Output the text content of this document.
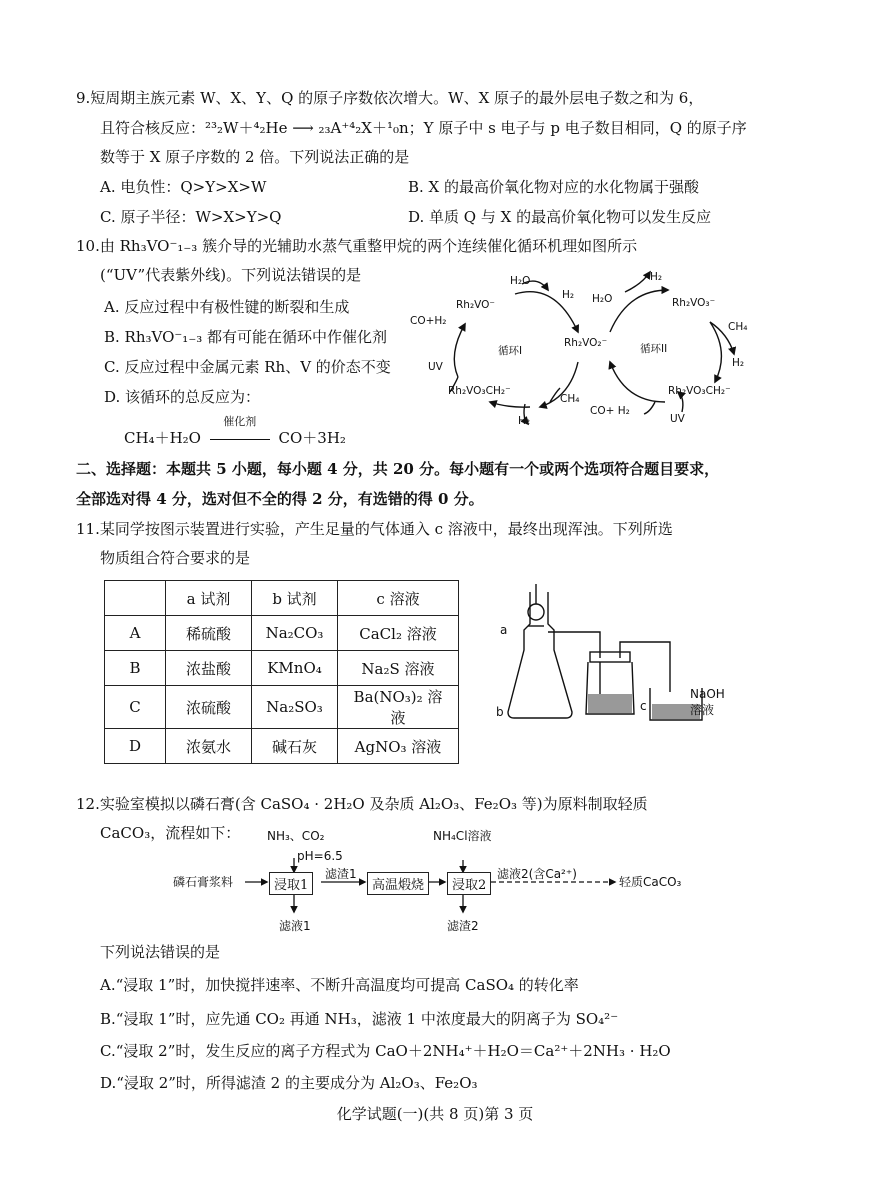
9.短周期主族元素 W、X、Y、Q 的原子序数依次增大。W、X 原子的最外层电子数之和为 6，
且符合核反应：²³₂W＋⁴₂He ⟶ ₂₃A⁺⁴₂X＋¹₀n；Y 原子中 s 电子与 p 电子数目相同，Q 的原子序
数等于 X 原子序数的 2 倍。下列说法正确的是
A. 电负性：Q>Y>X>W	B. X 的最高价氧化物对应的水化物属于强酸
C. 原子半径：W>X>Y>Q	D. 单质 Q 与 X 的最高价氧化物可以发生反应
10.由 Rh₃VO⁻₁₋₃ 簇介导的光辅助水蒸气重整甲烷的两个连续催化循环机理如图所示
(“UV”代表紫外线)。下列说法错误的是
A. 反应过程中有极性键的断裂和生成
B. Rh₃VO⁻₁₋₃ 都有可能在循环中作催化剂
C. 反应过程中金属元素 Rh、V 的价态不变
D. 该循环的总反应为：
CH₄＋H₂O
催化剂
CO＋3H₂
H₂O
H₂
Rh₂VO⁻
CO+H₂
循环I
UV
Rh₂VO₃CH₂⁻
H₂
CH₄
Rh₂VO₂⁻
H₂
H₂O	Rh₂VO₃⁻
循环II
CH₄
H₂
Rh₂VO₃CH₂⁻
CO+ H₂
UV
二、选择题：本题共 5 小题，每小题 4 分，共 20 分。每小题有一个或两个选项符合题目要求，
全部选对得 4 分，选对但不全的得 2 分，有选错的得 0 分。
11.某同学按图示装置进行实验，产生足量的气体通入 c 溶液中，最终出现浑浊。下列所选
物质组合符合要求的是
	a 试剂	b 试剂	c 溶液
A	稀硫酸	Na₂CO₃	CaCl₂ 溶液
B	浓盐酸	KMnO₄	Na₂S 溶液
C	浓硫酸	Na₂SO₃	Ba(NO₃)₂ 溶液
D	浓氨水	碱石灰	AgNO₃ 溶液
a
b	c
NaOH
溶液
12.实验室模拟以磷石膏(含 CaSO₄ · 2H₂O 及杂质 Al₂O₃、Fe₂O₃ 等)为原料制取轻质
CaCO₃，流程如下： NH₃、CO₂
pH=6.5
磷石膏浆料	浸取1
滤渣1
高温煅烧
NH₄Cl溶液
浸取2
滤液2(含Ca²⁺)
轻质CaCO₃
滤液1	滤渣2
下列说法错误的是
A.“浸取 1”时，加快搅拌速率、不断升高温度均可提高 CaSO₄ 的转化率
B.“浸取 1”时，应先通 CO₂ 再通 NH₃，滤液 1 中浓度最大的阴离子为 SO₄²⁻
C.“浸取 2”时，发生反应的离子方程式为 CaO＋2NH₄⁺＋H₂O＝Ca²⁺＋2NH₃ · H₂O
D.“浸取 2”时，所得滤渣 2 的主要成分为 Al₂O₃、Fe₂O₃
化学试题(一)(共 8 页)第 3 页
